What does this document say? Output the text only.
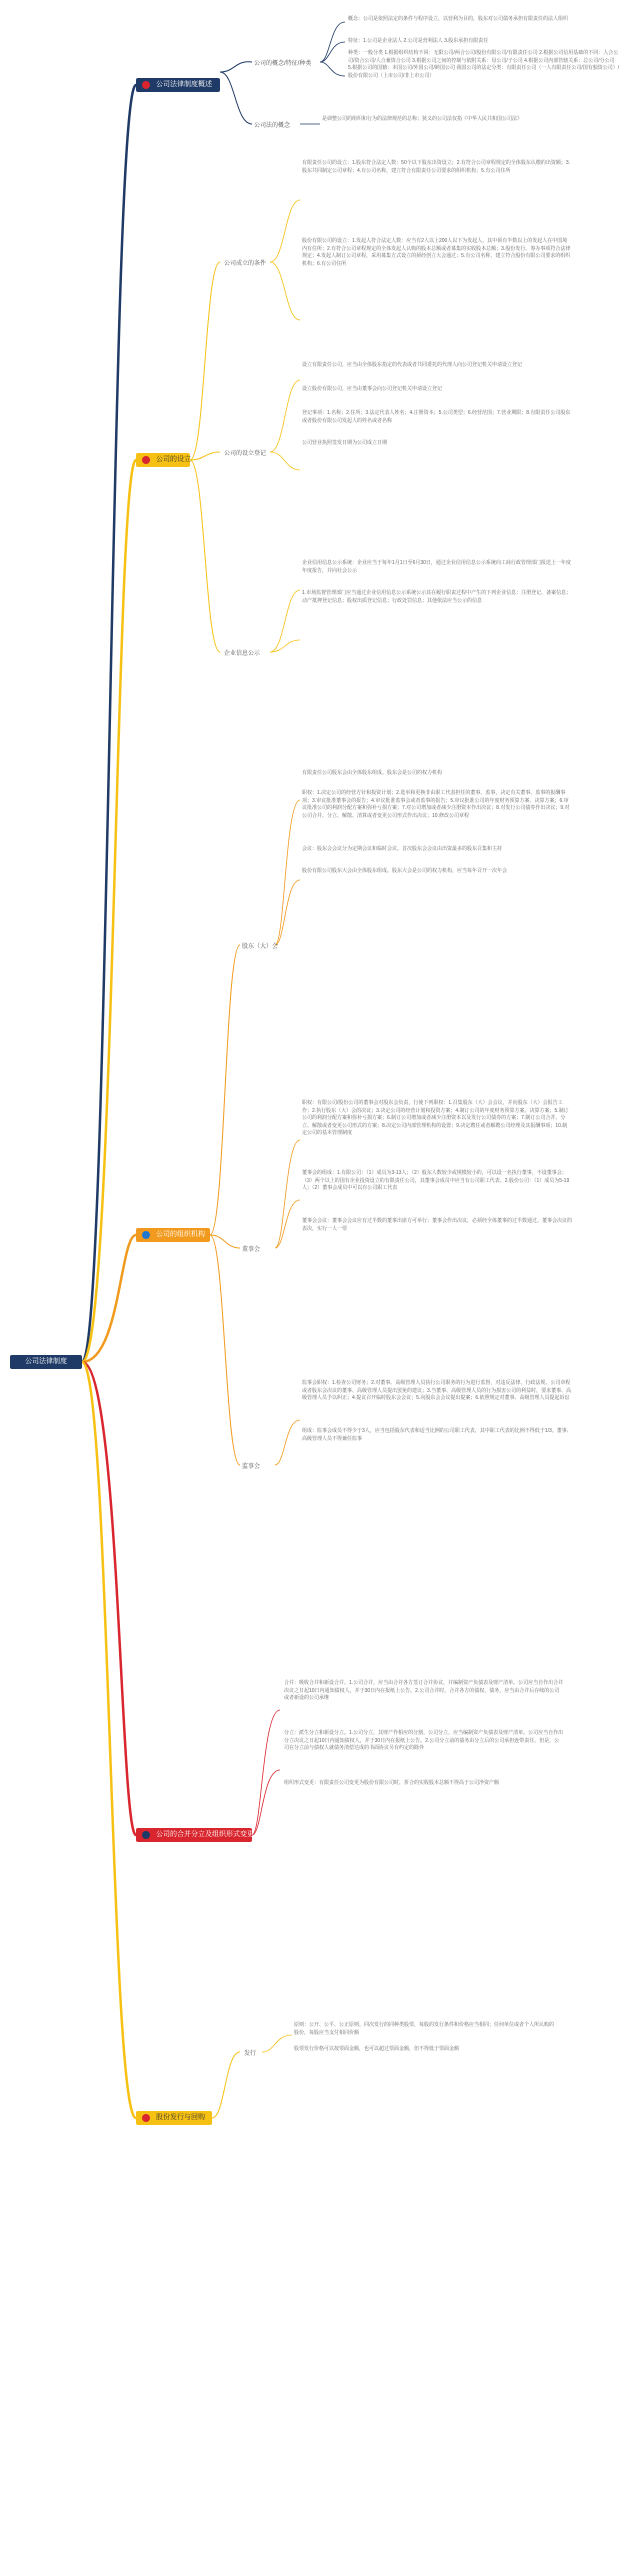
公司法律制度
公司法律制度概述
公司的设立
公司的组织机构
公司的合并分立及组织形式变更
股份发行与回购
公司的概念/特征/种类
公司法的概念
公司成立的条件
公司的设立登记
企业信息公示
股东（大）会
董事会
监事会
发行
概念：公司是依照法定的条件与程序设立，以营利为目的，股东对公司债务承担有限责任的法人组织
特征：1.公司是企业法人 2.公司是营利法人 3.股东承担有限责任
种类：一般分类 1.根据组织结构不同：无限公司/两合公司/股份有限公司/有限责任公司 2.根据公司信用基础的不同：人合公司/资合公司/人合兼资合公司 3.根据公司之间的控制与依附关系：母公司/子公司 4.根据公司内部管辖关系：总公司/分公司 5.根据公司的国籍：本国公司/外国公司/跨国公司 我国公司的法定分类：有限责任公司（一人有限责任公司/国有独资公司）/股份有限公司（上市公司/非上市公司）
是调整公司的组织和行为的法律规范的总称；狭义的公司法仅指《中华人民共和国公司法》
有限责任公司的设立：1.股东符合法定人数：50个以下股东出资设立；2.有符合公司章程规定的全体股东认缴的出资额；3.股东共同制定公司章程；4.有公司名称，建立符合有限责任公司要求的组织机构；5.有公司住所
股份有限公司的设立：1.发起人符合法定人数：应当有2人以上200人以下为发起人，其中须有半数以上的发起人在中国境内有住所；2.有符合公司章程规定的全体发起人认购的股本总额或者募集的实收股本总额；3.股份发行、筹办事项符合法律规定；4.发起人制订公司章程，采用募集方式设立的须经创立大会通过；5.有公司名称，建立符合股份有限公司要求的组织机构；6.有公司住所
设立有限责任公司，应当由全体股东指定的代表或者共同委托的代理人向公司登记机关申请设立登记
设立股份有限公司，应当由董事会向公司登记机关申请设立登记
登记事项：1.名称；2.住所；3.法定代表人姓名；4.注册资本；5.公司类型；6.经营范围；7.营业期限；8.有限责任公司股东或者股份有限公司发起人的姓名或者名称
公司营业执照签发日期为公司成立日期
企业信用信息公示系统：企业应当于每年1月1日至6月30日，通过企业信用信息公示系统向工商行政管理部门报送上一年度年度报告，并向社会公示
1.市场监督管理部门应当通过企业信用信息公示系统公示其在履行职责过程中产生的下列企业信息：注册登记、备案信息；动产抵押登记信息；股权出质登记信息；行政处罚信息；其他依法应当公示的信息
有限责任公司股东会由全体股东组成。股东会是公司的权力机构
职权：1.决定公司的经营方针和投资计划；2.选举和更换非由职工代表担任的董事、监事，决定有关董事、监事的报酬事项；3.审议批准董事会的报告；4.审议批准监事会或者监事的报告；5.审议批准公司的年度财务预算方案、决算方案；6.审议批准公司的利润分配方案和弥补亏损方案；7.对公司增加或者减少注册资本作出决议；8.对发行公司债券作出决议；9.对公司合并、分立、解散、清算或者变更公司形式作出决议；10.修改公司章程
会议：股东会会议分为定期会议和临时会议。首次股东会会议由出资最多的股东召集和主持
股份有限公司股东大会由全体股东组成。股东大会是公司的权力机构，应当每年召开一次年会
职权：有限公司/股份公司的董事会对股东会负责，行使下列职权：1.召集股东（大）会会议，并向股东（大）会报告工作；2.执行股东（大）会的决议；3.决定公司的经营计划和投资方案；4.制订公司的年度财务预算方案、决算方案；5.制订公司的利润分配方案和弥补亏损方案；6.制订公司增加或者减少注册资本以及发行公司债券的方案；7.制订公司合并、分立、解散或者变更公司形式的方案；8.决定公司内部管理机构的设置；9.决定聘任或者解聘公司经理及其报酬事项；10.制定公司的基本管理制度
董事会的组成：1.有限公司：（1）成员为3-13人；（2）股东人数较少或规模较小的，可以设一名执行董事，不设董事会；（3）两个以上的国有企业投资设立的有限责任公司，其董事会成员中应当有公司职工代表。2.股份公司：（1）成员为5-19人；（2）董事会成员中可以有公司职工代表
董事会会议：董事会会议应有过半数的董事出席方可举行；董事会作出决议，必须经全体董事的过半数通过。董事会决议的表决，实行一人一票
监事会职权：1.检查公司财务；2.对董事、高级管理人员执行公司职务的行为进行监督，对违反法律、行政法规、公司章程或者股东会决议的董事、高级管理人员提出罢免的建议；3.当董事、高级管理人员的行为损害公司的利益时，要求董事、高级管理人员予以纠正；4.提议召开临时股东会会议；5.向股东会会议提出提案；6.依照规定对董事、高级管理人员提起诉讼
组成：监事会成员不得少于3人，应当包括股东代表和适当比例的公司职工代表，其中职工代表的比例不得低于1/3。董事、高级管理人员不得兼任监事
合并：吸收合并和新设合并。1.公司合并，应当由合并各方签订合并协议，并编制资产负债表及财产清单。公司应当自作出合并决议之日起10日内通知债权人，并于30日内在报纸上公告。2.公司合并时，合并各方的债权、债务，应当由合并后存续的公司或者新设的公司承继
分立：派生分立和新设分立。1.公司分立，其财产作相应的分割。公司分立，应当编制资产负债表及财产清单。公司应当自作出分立决议之日起10日内通知债权人，并于30日内在报纸上公告。2.公司分立前的债务由分立后的公司承担连带责任。但是，公司在分立前与债权人就债务清偿达成的书面协议另有约定的除外
组织形式变更：有限责任公司变更为股份有限公司时，折合的实收股本总额不得高于公司净资产额
原则：公开、公平、公正原则。同次发行的同种类股票，每股的发行条件和价格应当相同；任何单位或者个人所认购的股份，每股应当支付相同价额
股票发行价格可以按票面金额，也可以超过票面金额，但不得低于票面金额
